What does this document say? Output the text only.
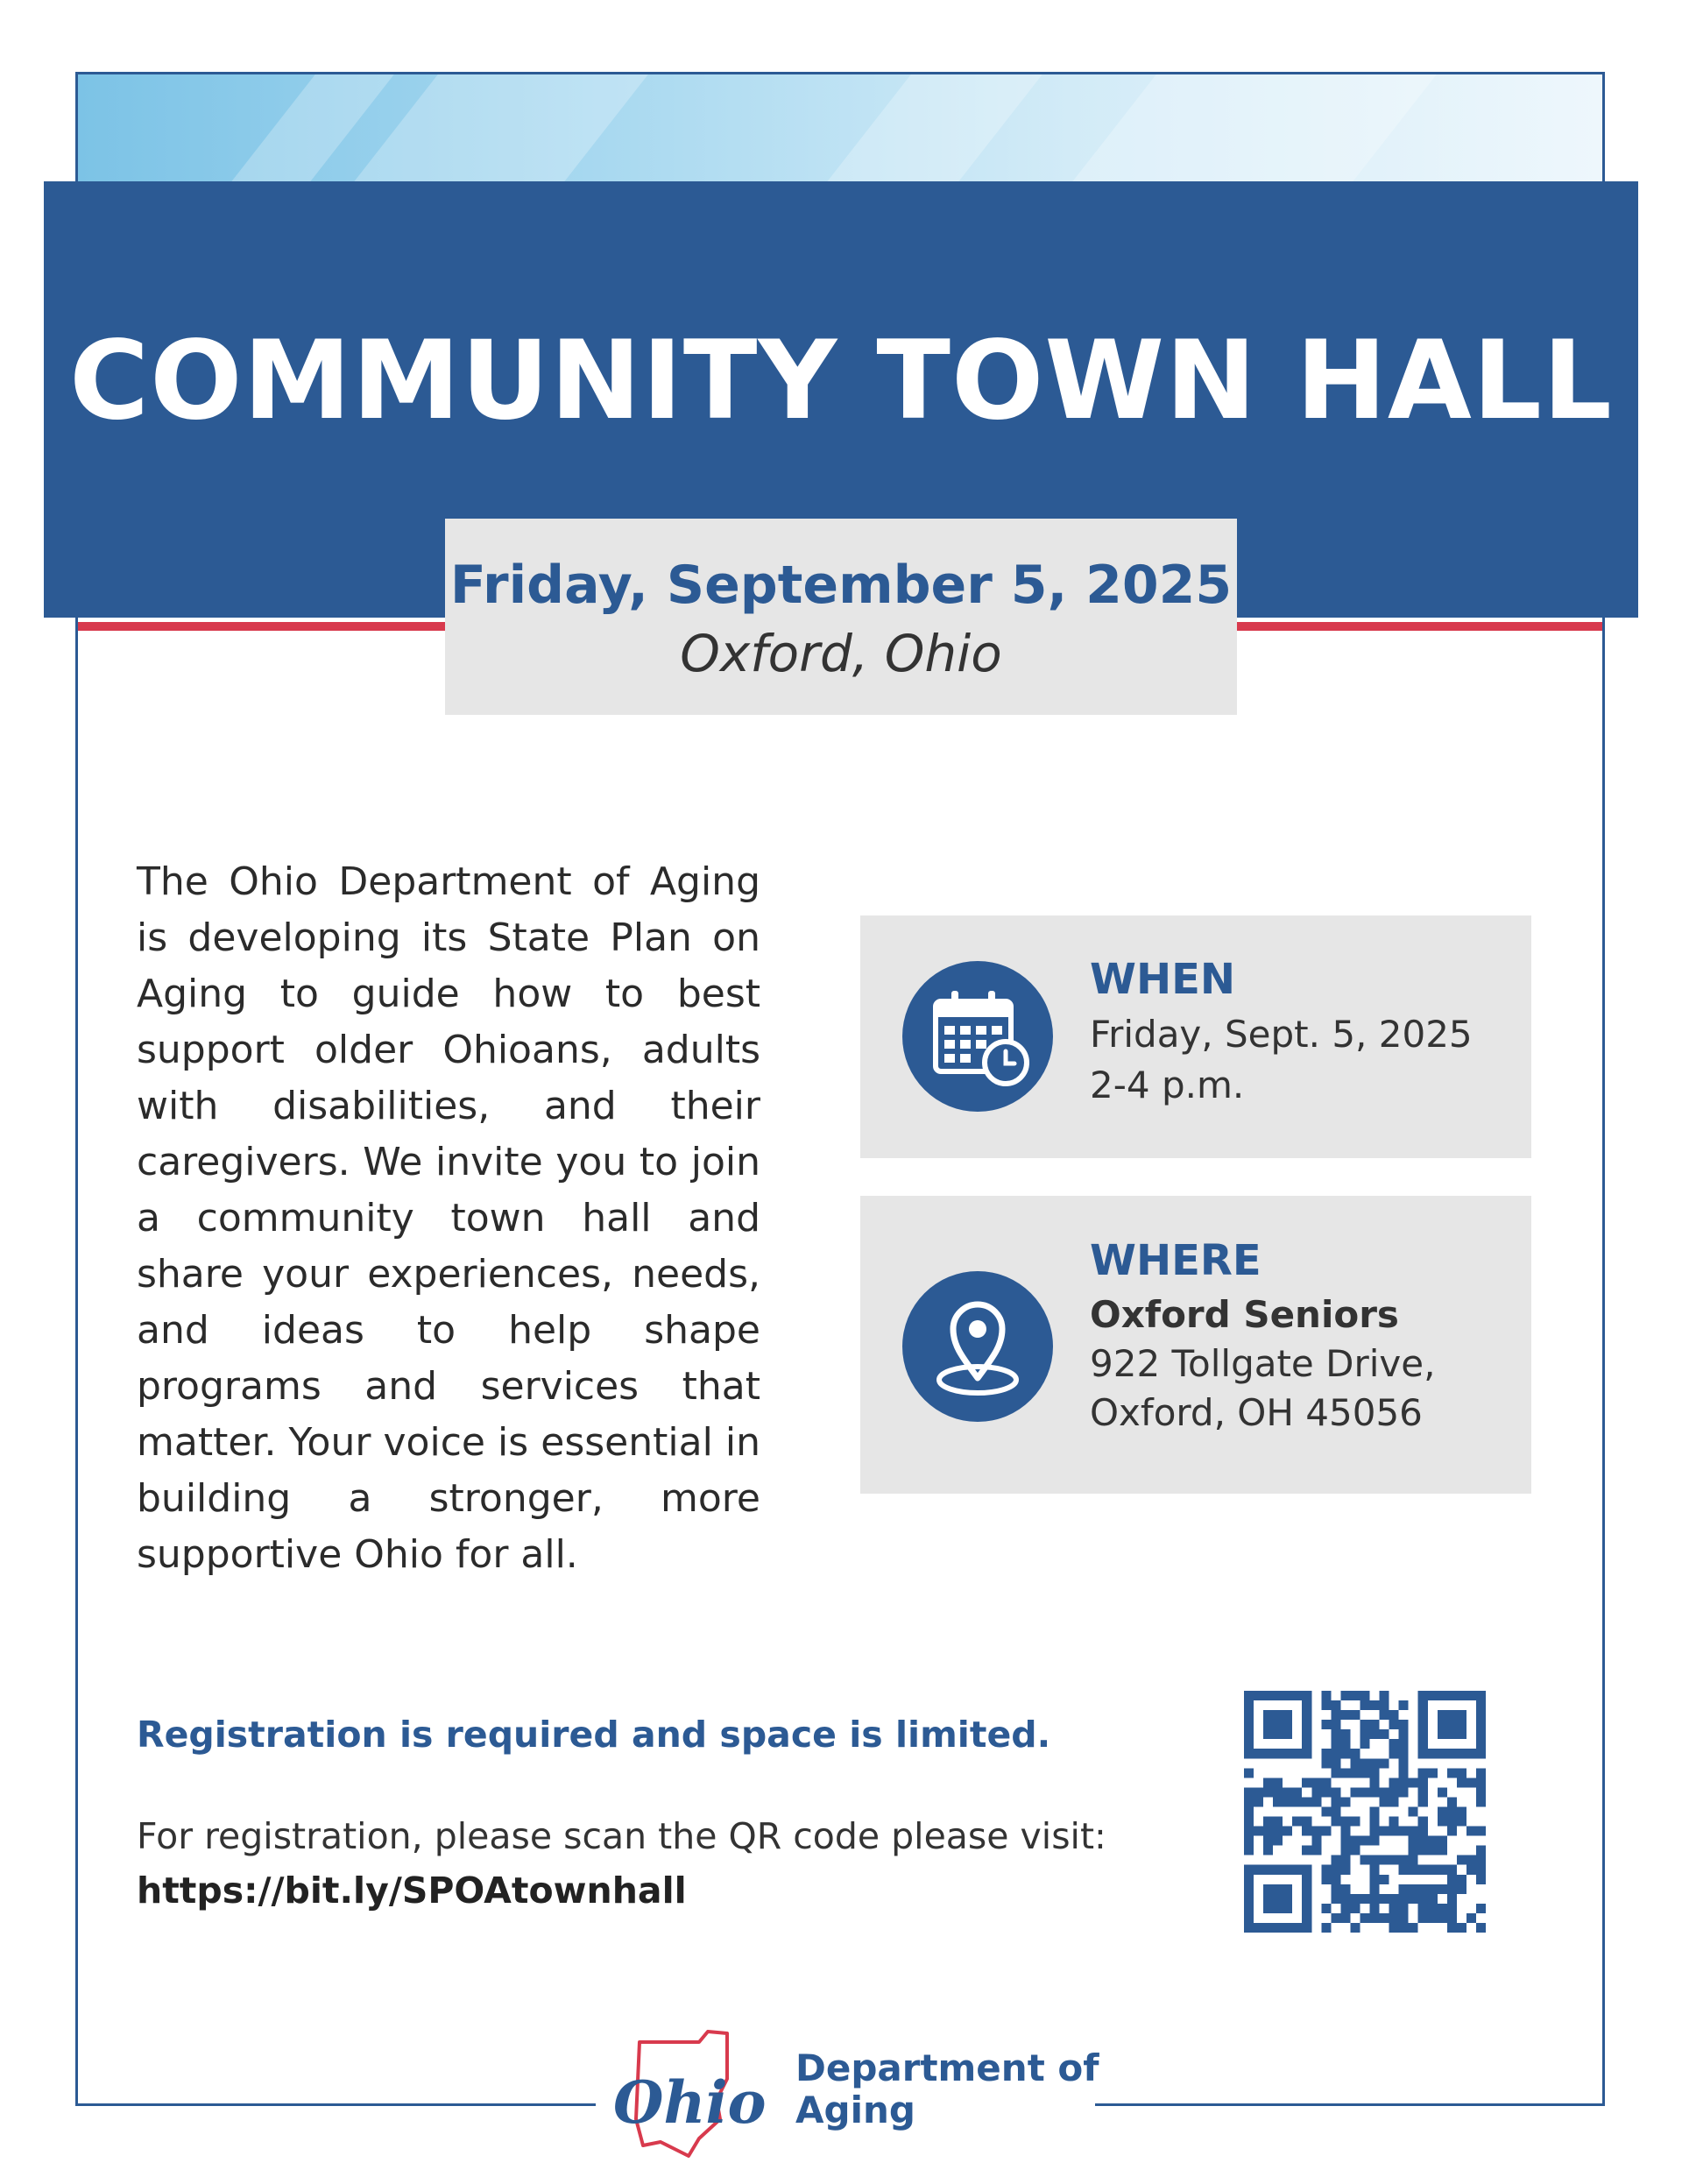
COMMUNITY TOWN HALL
Friday, September 5, 2025
Oxford, Ohio
The Ohio Department of Aging is developing its State Plan on Aging to guide how to best support older Ohioans, adults with disabilities, and their caregivers. We invite you to join a community town hall and share your experiences, needs, and ideas to help shape programs and services that matter. Your voice is essential in building a stronger, more supportive Ohio for all.
WHEN
Friday, Sept. 5, 2025
2-4 p.m.
WHERE
Oxford Seniors
922 Tollgate Drive,
Oxford, OH 45056
Registration is required and space is limited.
For registration, please scan the QR code please visit:
https://bit.ly/SPOAtownhall
Ohio
Department of
Aging
